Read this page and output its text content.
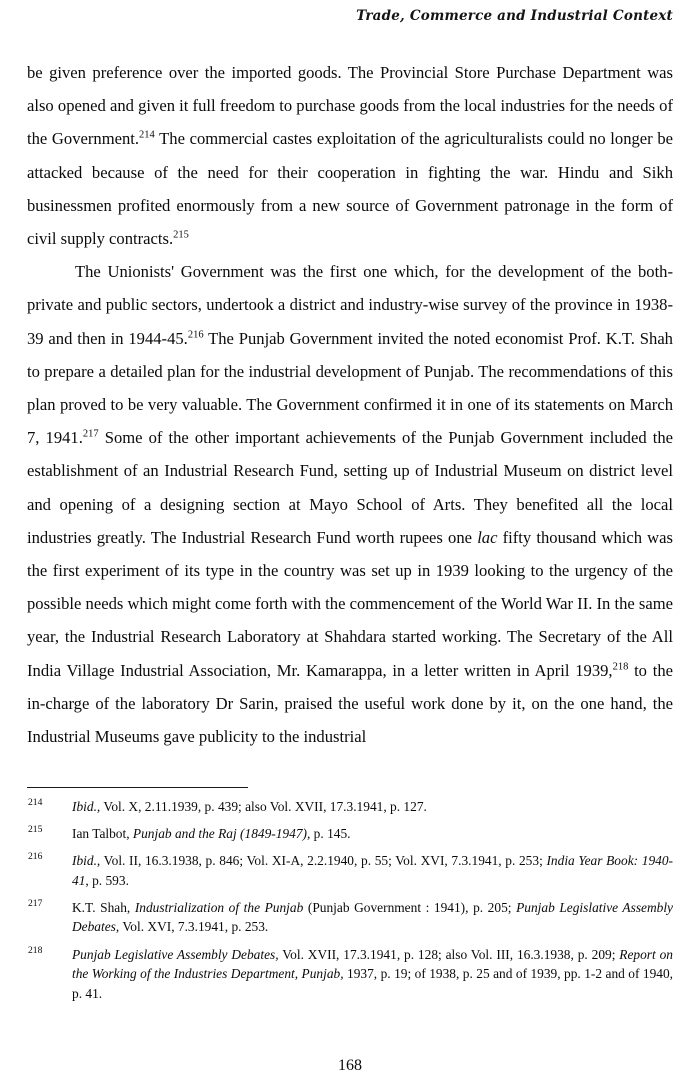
Trade, Commerce and Industrial Context

be given preference over the imported goods. The Provincial Store Purchase Department was also opened and given it full freedom to purchase goods from the local industries for the needs of the Government.$^{214}$ The commercial castes exploitation of the agriculturalists could no longer be attacked because of the need for their cooperation in fighting the war. Hindu and Sikh businessmen profited enormously from a new source of Government patronage in the form of civil supply contracts.$^{215}$

The Unionists' Government was the first one which, for the development of the both-private and public sectors, undertook a district and industry-wise survey of the province in 1938-39 and then in 1944-45.$^{216}$ The Punjab Government invited the noted economist Prof. K.T. Shah to prepare a detailed plan for the industrial development of Punjab. The recommendations of this plan proved to be very valuable. The Government confirmed it in one of its statements on March 7, 1941.$^{217}$ Some of the other important achievements of the Punjab Government included the establishment of an Industrial Research Fund, setting up of Industrial Museum on district level and opening of a designing section at Mayo School of Arts. They benefited all the local industries greatly. The Industrial Research Fund worth rupees one lac fifty thousand which was the first experiment of its type in the country was set up in 1939 looking to the urgency of the possible needs which might come forth with the commencement of the World War II. In the same year, the Industrial Research Laboratory at Shahdara started working. The Secretary of the All India Village Industrial Association, Mr. Kamarappa, in a letter written in April 1939,$^{218}$ to the in-charge of the laboratory Dr Sarin, praised the useful work done by it, on the one hand, the Industrial Museums gave publicity to the industrial

214 Ibid., Vol. X, 2.11.1939, p. 439; also Vol. XVII, 17.3.1941, p. 127.
215 Ian Talbot, Punjab and the Raj (1849-1947), p. 145.
216 Ibid., Vol. II, 16.3.1938, p. 846; Vol. XI-A, 2.2.1940, p. 55; Vol. XVI, 7.3.1941, p. 253; India Year Book: 1940-41, p. 593.
217 K.T. Shah, Industrialization of the Punjab (Punjab Government : 1941), p. 205; Punjab Legislative Assembly Debates, Vol. XVI, 7.3.1941, p. 253.
218 Punjab Legislative Assembly Debates, Vol. XVII, 17.3.1941, p. 128; also Vol. III, 16.3.1938, p. 209; Report on the Working of the Industries Department, Punjab, 1937, p. 19; of 1938, p. 25 and of 1939, pp. 1-2 and of 1940, p. 41.
168
